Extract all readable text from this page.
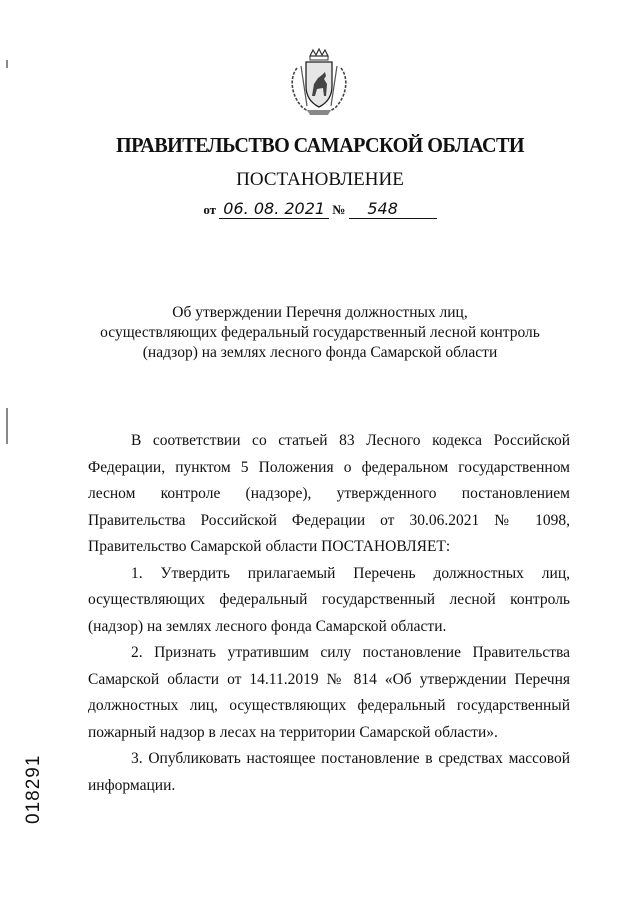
ПРАВИТЕЛЬСТВО САМАРСКОЙ ОБЛАСТИ
ПОСТАНОВЛЕНИЕ
от 06. 08. 2021 № 548
Об утверждении Перечня должностных лиц,
осуществляющих федеральный государственный лесной контроль
(надзор) на землях лесного фонда Самарской области

В соответствии со статьей 83 Лесного кодекса Российской Федерации, пунктом 5 Положения о федеральном государственном лесном контроле (надзоре), утвержденного постановлением Правительства Российской Федерации от 30.06.2021 № 1098, Правительство Самарской области ПОСТАНОВЛЯЕТ:

1. Утвердить прилагаемый Перечень должностных лиц, осуществляющих федеральный государственный лесной контроль (надзор) на землях лесного фонда Самарской области.

2. Признать утратившим силу постановление Правительства Самарской области от 14.11.2019 № 814 «Об утверждении Перечня должностных лиц, осуществляющих федеральный государственный пожарный надзор в лесах на территории Самарской области».

3. Опубликовать настоящее постановление в средствах массовой информации.

018291
